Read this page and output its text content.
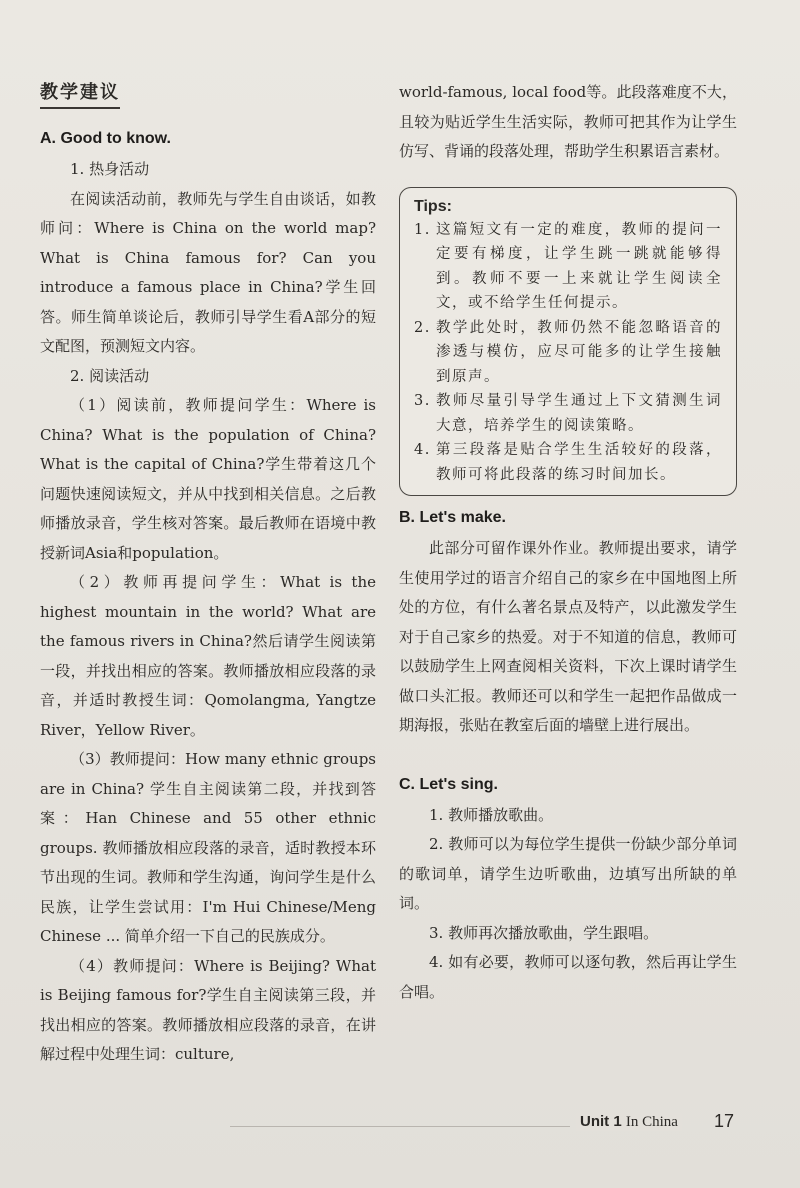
教学建议
A. Good to know.

1. 热身活动

在阅读活动前，教师先与学生自由谈话，如教师问：Where is China on the world map? What is China famous for? Can you introduce a famous place in China?学生回答。师生简单谈论后，教师引导学生看A部分的短文配图，预测短文内容。

2. 阅读活动

（1）阅读前，教师提问学生：Where is China? What is the population of China? What is the capital of China?学生带着这几个问题快速阅读短文，并从中找到相关信息。之后教师播放录音，学生核对答案。最后教师在语境中教授新词Asia和population。

（2）教师再提问学生：What is the highest mountain in the world? What are the famous rivers in China?然后请学生阅读第一段，并找出相应的答案。教师播放相应段落的录音，并适时教授生词：Qomolangma, Yangtze River，Yellow River。

（3）教师提问：How many ethnic groups are in China? 学生自主阅读第二段，并找到答案：Han Chinese and 55 other ethnic groups. 教师播放相应段落的录音，适时教授本环节出现的生词。教师和学生沟通，询问学生是什么民族，让学生尝试用：I'm Hui Chinese/Meng Chinese ... 简单介绍一下自己的民族成分。

（4）教师提问：Where is Beijing? What is Beijing famous for?学生自主阅读第三段，并找出相应的答案。教师播放相应段落的录音，在讲解过程中处理生词：culture,

world-famous, local food等。此段落难度不大，且较为贴近学生生活实际，教师可把其作为让学生仿写、背诵的段落处理，帮助学生积累语言素材。

Tips:
1. 这篇短文有一定的难度，教师的提问一定要有梯度，让学生跳一跳就能够得到。教师不要一上来就让学生阅读全文，或不给学生任何提示。
2. 教学此处时，教师仍然不能忽略语音的渗透与模仿，应尽可能多的让学生接触到原声。
3. 教师尽量引导学生通过上下文猜测生词大意，培养学生的阅读策略。
4. 第三段落是贴合学生生活较好的段落，教师可将此段落的练习时间加长。
B. Let's make.

此部分可留作课外作业。教师提出要求，请学生使用学过的语言介绍自己的家乡在中国地图上所处的方位，有什么著名景点及特产，以此激发学生对于自己家乡的热爱。对于不知道的信息，教师可以鼓励学生上网查阅相关资料，下次上课时请学生做口头汇报。教师还可以和学生一起把作品做成一期海报，张贴在教室后面的墙壁上进行展出。

C. Let's sing.

1. 教师播放歌曲。

2. 教师可以为每位学生提供一份缺少部分单词的歌词单，请学生边听歌曲，边填写出所缺的单词。

3. 教师再次播放歌曲，学生跟唱。

4. 如有必要，教师可以逐句教，然后再让学生合唱。

Unit 1 In China 17
